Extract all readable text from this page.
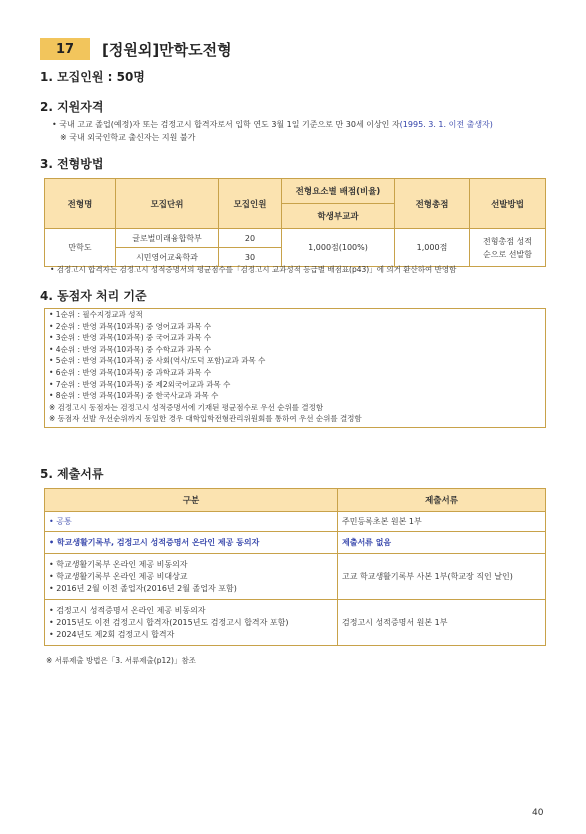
17	[정원외]만학도전형
1. 모집인원 : 50명
2. 지원자격
• 국내 고교 졸업(예정)자 또는 검정고시 합격자로서 입학 연도 3월 1일 기준으로 만 30세 이상인 자(1995. 3. 1. 이전 출생자)
※ 국내 외국인학교 출신자는 지원 불가
3. 전형방법
전형명	모집단위	모집인원	전형요소별 배점(비율)	전형총점	선발방법
			학생부교과		
만학도	글로벌미래융합학부	20	1,000점(100%)	1,000점	전형총점 성적순으로 선발함
	시민영어교육학과	30			
• 검정고시 합격자는 검정고시 성적증명서의 평균점수를「검정고시 교과성적 등급별 배점표(p43)」에 의거 환산하여 반영함
4. 동점자 처리 기준
• 1순위 : 필수지정교과 성적
• 2순위 : 반영 과목(10과목) 중 영어교과 과목 수
• 3순위 : 반영 과목(10과목) 중 국어교과 과목 수
• 4순위 : 반영 과목(10과목) 중 수학교과 과목 수
• 5순위 : 반영 과목(10과목) 중 사회(역사/도덕 포함)교과 과목 수
• 6순위 : 반영 과목(10과목) 중 과학교과 과목 수
• 7순위 : 반영 과목(10과목) 중 제2외국어교과 과목 수
• 8순위 : 반영 과목(10과목) 중 한국사교과 과목 수
※ 검정고시 동점자는 검정고시 성적증명서에 기재된 평균점수로 우선 순위를 결정함
※ 동점자 선발 우선순위까지 동일한 경우 대학입학전형관리위원회를 통하여 우선 순위를 결정함
5. 제출서류
구분	제출서류

• 공통	주민등록초본 원본 1부

• 학교생활기록부, 검정고시 성적증명서 온라인 제공 동의자	제출서류 없음

• 학교생활기록부 온라인 제공 비동의자
• 학교생활기록부 온라인 제공 비대상교
• 2016년 2월 이전 졸업자(2016년 2월 졸업자 포함)	고교 학교생활기록부 사본 1부(학교장 직인 날인)

• 검정고시 성적증명서 온라인 제공 비동의자
• 2015년도 이전 검정고시 합격자(2015년도 검정고시 합격자 포함)
• 2024년도 제2회 검정고시 합격자	검정고시 성적증명서 원본 1부
※ 서류제출 방법은「3. 서류제출(p12)」참조
40
